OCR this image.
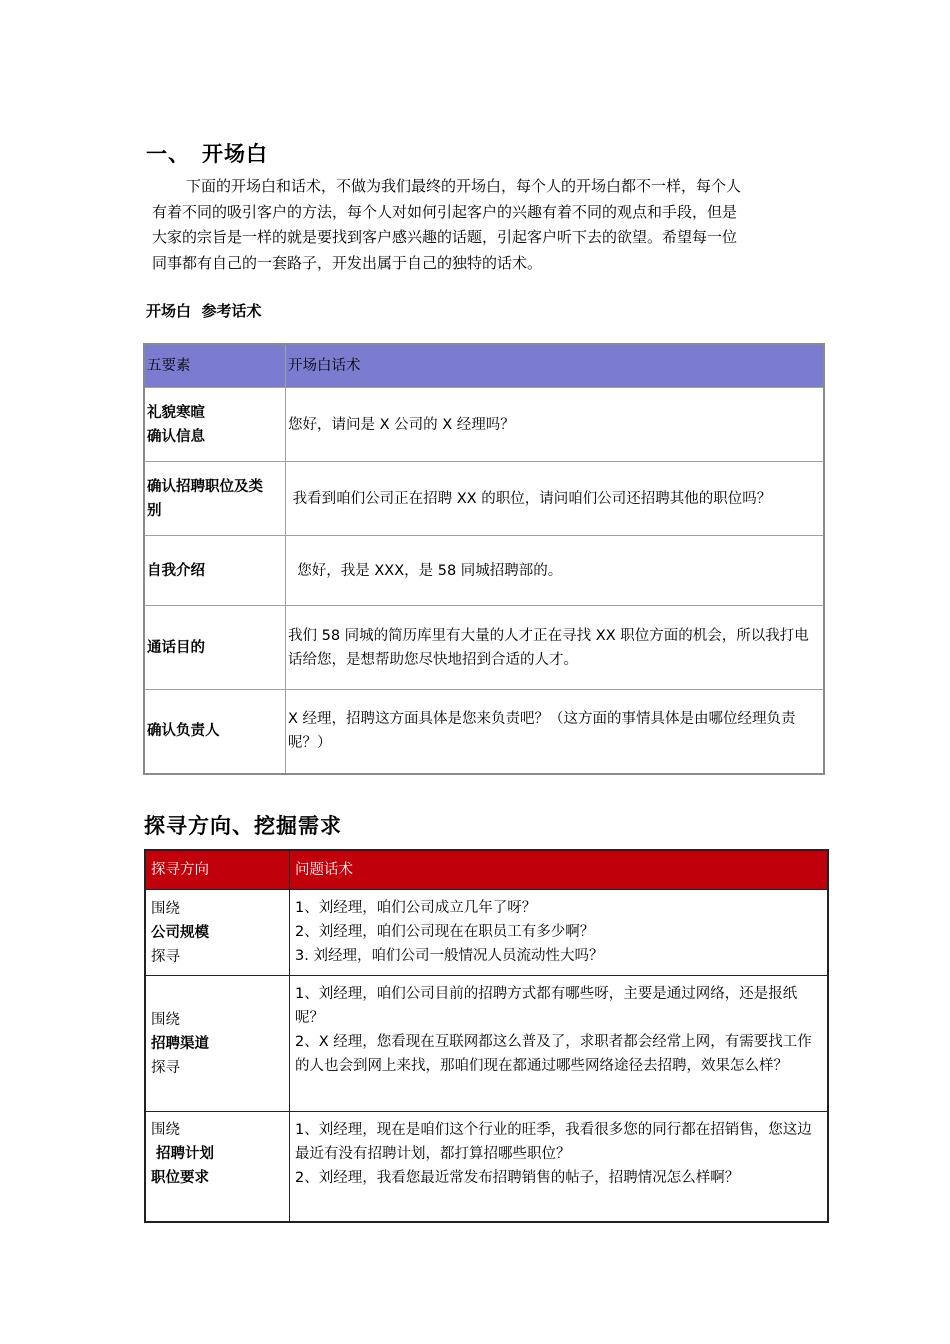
一、 开场白

下面的开场白和话术，不做为我们最终的开场白，每个人的开场白都不一样，每个人

有着不同的吸引客户的方法，每个人对如何引起客户的兴趣有着不同的观点和手段，但是

大家的宗旨是一样的就是要找到客户感兴趣的话题，引起客户听下去的欲望。希望每一位

同事都有自己的一套路子，开发出属于自己的独特的话术。

开场白  参考话术
五要素	开场白话术

礼貌寒暄
确认信息	您好，请问是 X 公司的 X 经理吗？

确认招聘职位及类
别	我看到咱们公司正在招聘 XX 的职位，请问咱们公司还招聘其他的职位吗？

自我介绍	您好，我是 XXX，是 58 同城招聘部的。

通话目的	我们 58 同城的简历库里有大量的人才正在寻找 XX 职位方面的机会，所以我打电话给您，是想帮助您尽快地招到合适的人才。

确认负责人	X 经理，招聘这方面具体是您来负责吧？（这方面的事情具体是由哪位经理负责呢？）
探寻方向、挖掘需求
探寻方向	问题话术

围绕
公司规模
探寻	1、刘经理，咱们公司成立几年了呀？
2、刘经理，咱们公司现在在职员工有多少啊？
3. 刘经理，咱们公司一般情况人员流动性大吗？

围绕
招聘渠道
探寻	1、刘经理，咱们公司目前的招聘方式都有哪些呀，主要是通过网络，还是报纸呢？
2、X 经理，您看现在互联网都这么普及了，求职者都会经常上网，有需要找工作的人也会到网上来找，那咱们现在都通过哪些网络途径去招聘，效果怎么样？

围绕
招聘计划
职位要求	1、刘经理，现在是咱们这个行业的旺季，我看很多您的同行都在招销售，您这边最近有没有招聘计划，都打算招哪些职位？
2、刘经理，我看您最近常发布招聘销售的帖子，招聘情况怎么样啊？
